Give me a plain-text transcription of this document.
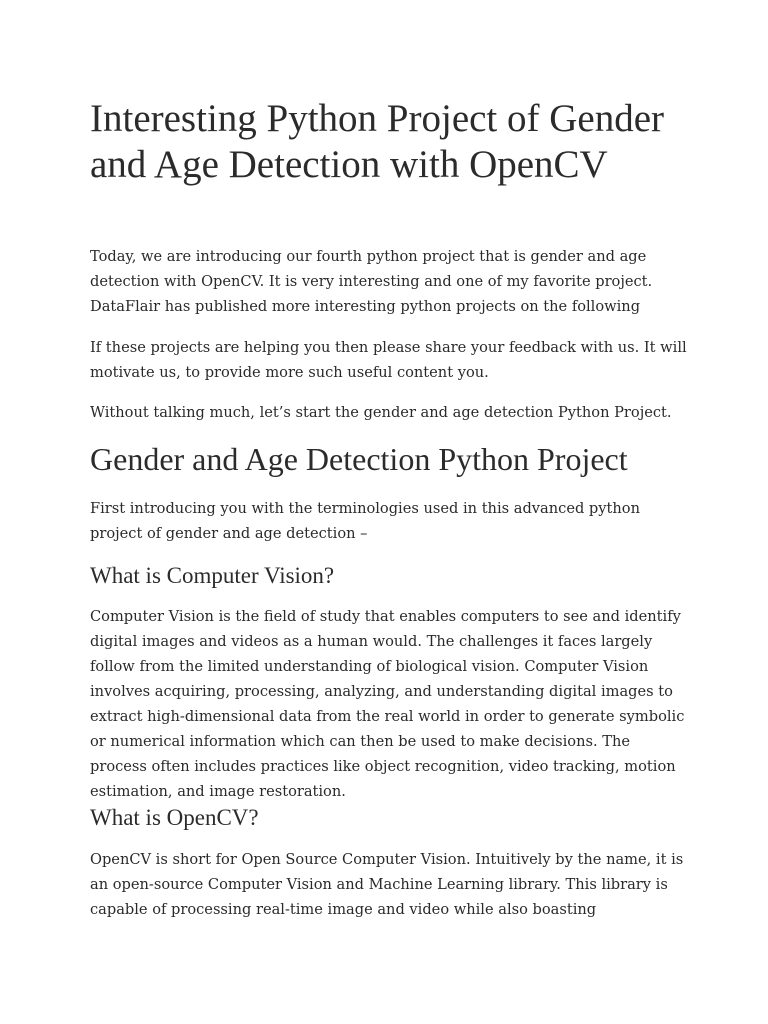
Interesting Python Project of Gender and Age Detection with OpenCV

Today, we are introducing our fourth python project that is gender and age detection with OpenCV. It is very interesting and one of my favorite project. DataFlair has published more interesting python projects on the following

If these projects are helping you then please share your feedback with us. It will motivate us, to provide more such useful content you.

Without talking much, let’s start the gender and age detection Python Project.

Gender and Age Detection Python Project

First introducing you with the terminologies used in this advanced python project of gender and age detection –

What is Computer Vision?

Computer Vision is the field of study that enables computers to see and identify digital images and videos as a human would. The challenges it faces largely follow from the limited understanding of biological vision. Computer Vision involves acquiring, processing, analyzing, and understanding digital images to extract high-dimensional data from the real world in order to generate symbolic or numerical information which can then be used to make decisions. The process often includes practices like object recognition, video tracking, motion estimation, and image restoration.

What is OpenCV?

OpenCV is short for Open Source Computer Vision. Intuitively by the name, it is an open-source Computer Vision and Machine Learning library. This library is capable of processing real-time image and video while also boasting
